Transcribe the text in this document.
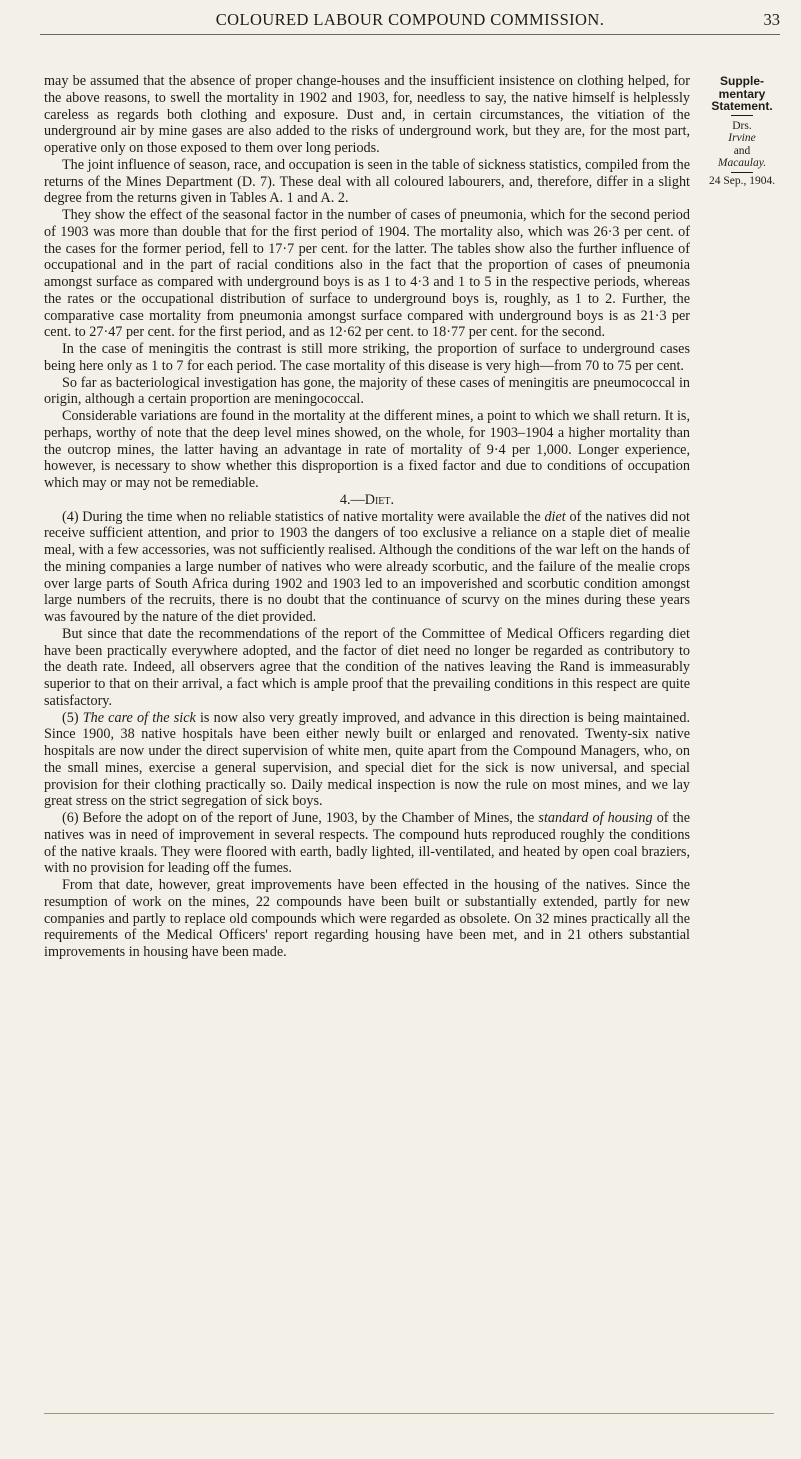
COLOURED LABOUR COMPOUND COMMISSION.	33
Supple-
mentary
Statement.
Drs.
Irvine
and
Macaulay.
24 Sep., 1904.

may be assumed that the absence of proper change-houses and the insufficient insistence on clothing helped, for the above reasons, to swell the mortality in 1902 and 1903, for, needless to say, the native himself is helplessly careless as regards both clothing and exposure. Dust and, in certain circumstances, the vitiation of the underground air by mine gases are also added to the risks of underground work, but they are, for the most part, operative only on those exposed to them over long periods.

The joint influence of season, race, and occupation is seen in the table of sickness statistics, compiled from the returns of the Mines Department (D. 7). These deal with all coloured labourers, and, therefore, differ in a slight degree from the returns given in Tables A. 1 and A. 2.

They show the effect of the seasonal factor in the number of cases of pneumonia, which for the second period of 1903 was more than double that for the first period of 1904. The mortality also, which was 26·3 per cent. of the cases for the former period, fell to 17·7 per cent. for the latter. The tables show also the further influence of occupational and in the part of racial conditions also in the fact that the proportion of cases of pneumonia amongst surface as compared with underground boys is as 1 to 4·3 and 1 to 5 in the respective periods, whereas the rates or the occupational distribution of surface to underground boys is, roughly, as 1 to 2. Further, the comparative case mortality from pneumonia amongst surface compared with underground boys is as 21·3 per cent. to 27·47 per cent. for the first period, and as 12·62 per cent. to 18·77 per cent. for the second.

In the case of meningitis the contrast is still more striking, the proportion of surface to underground cases being here only as 1 to 7 for each period. The case mortality of this disease is very high—from 70 to 75 per cent.

So far as bacteriological investigation has gone, the majority of these cases of meningitis are pneumococcal in origin, although a certain proportion are meningococcal.

Considerable variations are found in the mortality at the different mines, a point to which we shall return. It is, perhaps, worthy of note that the deep level mines showed, on the whole, for 1903–1904 a higher mortality than the outcrop mines, the latter having an advantage in rate of mortality of 9·4 per 1,000. Longer experience, however, is necessary to show whether this disproportion is a fixed factor and due to conditions of occupation which may or may not be remediable.

4.—Diet.

(4) During the time when no reliable statistics of native mortality were available the diet of the natives did not receive sufficient attention, and prior to 1903 the dangers of too exclusive a reliance on a staple diet of mealie meal, with a few accessories, was not sufficiently realised. Although the conditions of the war left on the hands of the mining companies a large number of natives who were already scorbutic, and the failure of the mealie crops over large parts of South Africa during 1902 and 1903 led to an impoverished and scorbutic condition amongst large numbers of the recruits, there is no doubt that the continuance of scurvy on the mines during these years was favoured by the nature of the diet provided.

But since that date the recommendations of the report of the Committee of Medical Officers regarding diet have been practically everywhere adopted, and the factor of diet need no longer be regarded as contributory to the death rate. Indeed, all observers agree that the condition of the natives leaving the Rand is immeasurably superior to that on their arrival, a fact which is ample proof that the prevailing conditions in this respect are quite satisfactory.

(5) The care of the sick is now also very greatly improved, and advance in this direction is being maintained. Since 1900, 38 native hospitals have been either newly built or enlarged and renovated. Twenty-six native hospitals are now under the direct supervision of white men, quite apart from the Compound Managers, who, on the small mines, exercise a general supervision, and special diet for the sick is now universal, and special provision for their clothing practically so. Daily medical inspection is now the rule on most mines, and we lay great stress on the strict segregation of sick boys.

(6) Before the adopt on of the report of June, 1903, by the Chamber of Mines, the standard of housing of the natives was in need of improvement in several respects. The compound huts reproduced roughly the conditions of the native kraals. They were floored with earth, badly lighted, ill-ventilated, and heated by open coal braziers, with no provision for leading off the fumes.

From that date, however, great improvements have been effected in the housing of the natives. Since the resumption of work on the mines, 22 compounds have been built or substantially extended, partly for new companies and partly to replace old compounds which were regarded as obsolete. On 32 mines practically all the requirements of the Medical Officers' report regarding housing have been met, and in 21 others substantial improvements in housing have been made.
